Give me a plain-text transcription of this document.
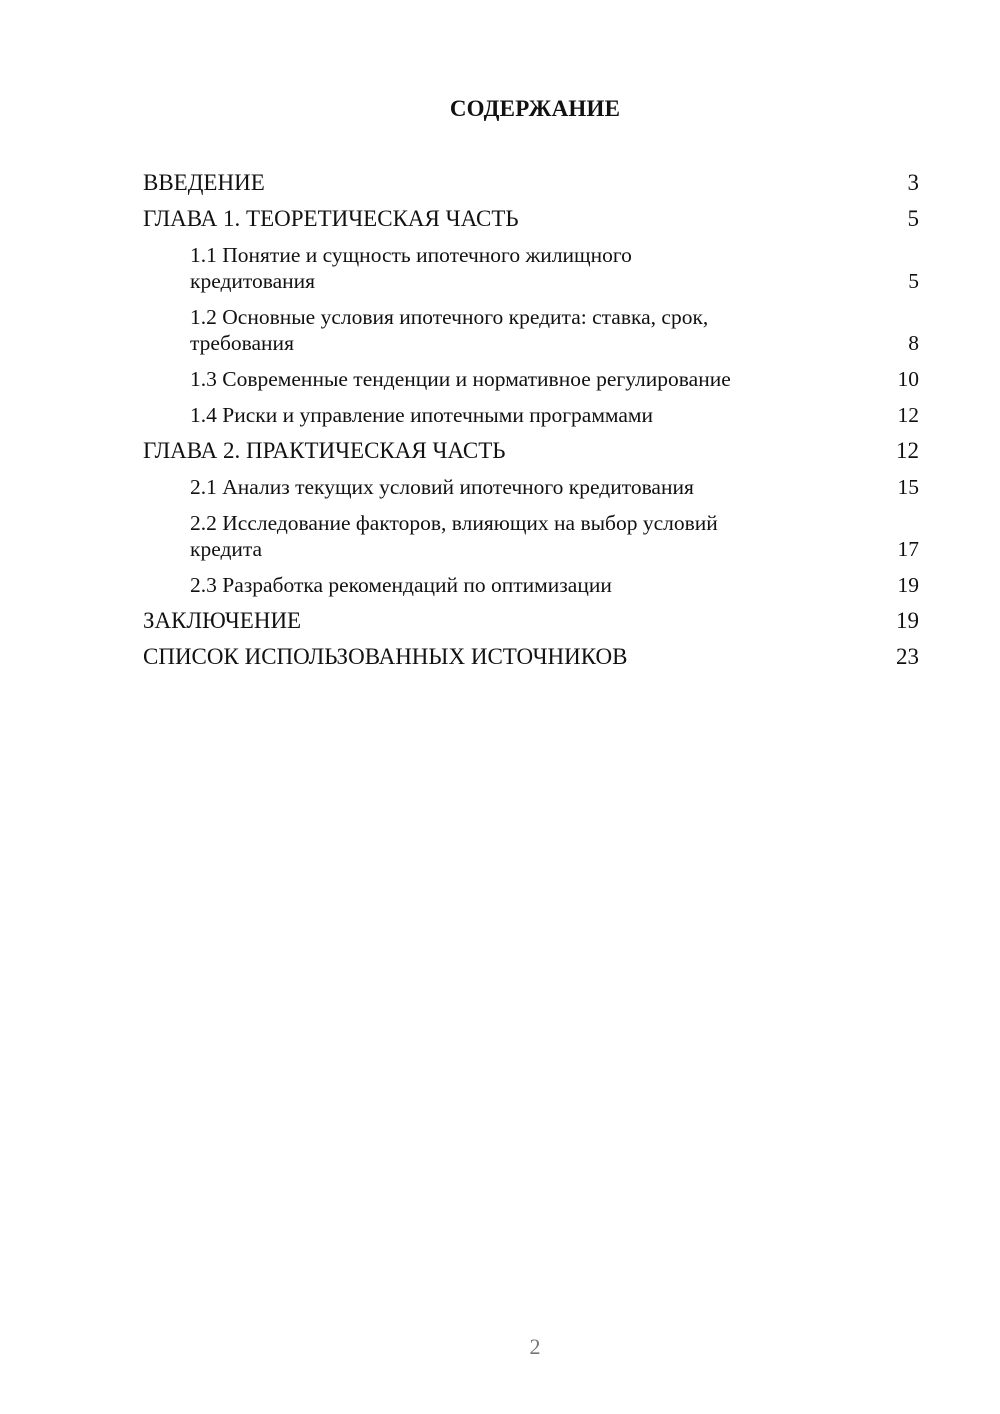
СОДЕРЖАНИЕ
ВВЕДЕНИЕ	3
ГЛАВА 1. ТЕОРЕТИЧЕСКАЯ ЧАСТЬ	5
1.1 Понятие и сущность ипотечного жилищного
кредитования	5
1.2 Основные условия ипотечного кредита: ставка, срок,
требования	8
1.3 Современные тенденции и нормативное регулирование	10
1.4 Риски и управление ипотечными программами	12
ГЛАВА 2. ПРАКТИЧЕСКАЯ ЧАСТЬ	12
2.1 Анализ текущих условий ипотечного кредитования	15
2.2 Исследование факторов, влияющих на выбор условий
кредита	17
2.3 Разработка рекомендаций по оптимизации	19
ЗАКЛЮЧЕНИЕ	19
СПИСОК ИСПОЛЬЗОВАННЫХ ИСТОЧНИКОВ	23
2
